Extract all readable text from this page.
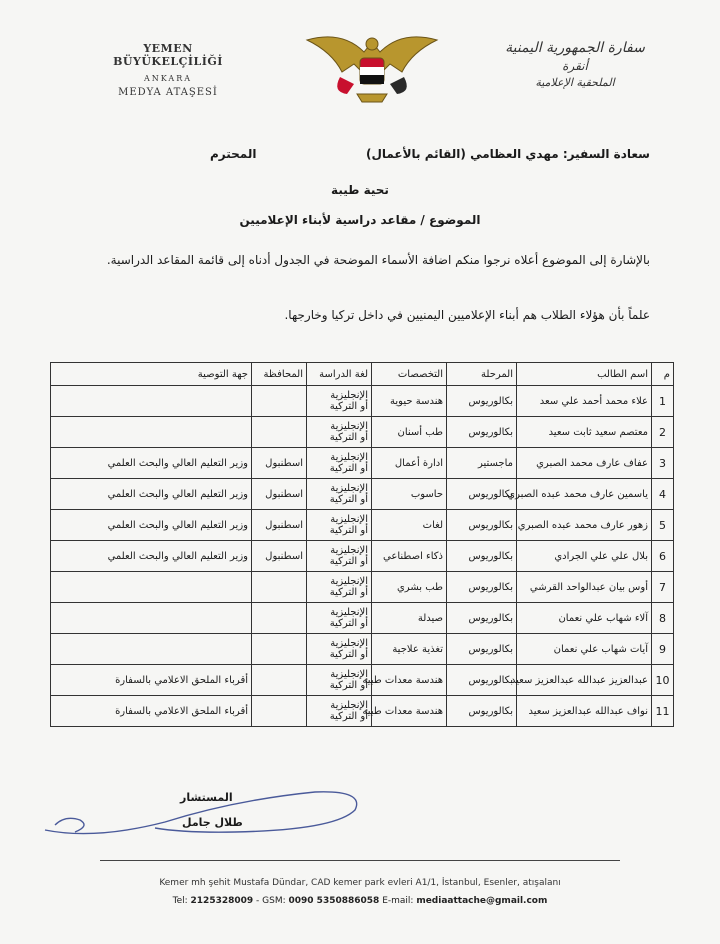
YEMEN BÜYÜKELÇİLİĞİ
ANKARA
MEDYA ATAŞESİ
سفارة الجمهورية اليمنية
أنقرة
الملحقية الإعلامية
سعادة السفير: مهدي العظامي (القائم بالأعمال)
المحترم
تحية طيبة
الموضوع / مقاعد دراسية لأبناء الإعلاميين
بالإشارة إلى الموضوع أعلاه نرجوا منكم اضافة الأسماء الموضحة في الجدول أدناه إلى قائمة المقاعد الدراسية.
علماً بأن هؤلاء الطلاب هم أبناء الإعلاميين اليمنيين في داخل تركيا وخارجها.
م	اسم الطالب	المرحلة	التخصصات	لغة الدراسة	المحافظة	جهة التوصية
1	علاء محمد أحمد علي سعد	بكالوريوس	هندسة حيوية	الإنجليزية
أو التركية		

2	معتصم سعيد ثابت سعيد	بكالوريوس	طب أسنان	الإنجليزية
أو التركية		

3	عفاف عارف محمد الصبري	ماجستير	ادارة أعمال	الإنجليزية
أو التركية	اسطنبول	وزير التعليم العالي والبحث العلمي
4	ياسمين عارف محمد عبده الصبري	بكالوريوس	حاسوب	الإنجليزية
أو التركية	اسطنبول	وزير التعليم العالي والبحث العلمي
5	زهور عارف محمد عبده الصبري	بكالوريوس	لغات	الإنجليزية
أو التركية	اسطنبول	وزير التعليم العالي والبحث العلمي
6	بلال علي علي الجرادي	بكالوريوس	ذكاء اصطناعي	الإنجليزية
أو التركية	اسطنبول	وزير التعليم العالي والبحث العلمي
7	أوس بيان عبدالواحد القرشي	بكالوريوس	طب بشري	الإنجليزية
أو التركية		

8	آلاء شهاب علي نعمان	بكالوريوس	صيدلة	الإنجليزية
أو التركية		

9	آيات شهاب علي نعمان	بكالوريوس	تغذية علاجية	الإنجليزية
أو التركية		

10	عبدالعزيز عبدالله عبدالعزيز سعيد	بكالوريوس	هندسة معدات طبيه	الإنجليزية
أو التركية		أقرباء الملحق الاعلامي بالسفارة
11	نواف عبدالله عبدالعزيز سعيد	بكالوريوس	هندسة معدات طبيه	الإنجليزية
أو التركية		أقرباء الملحق الاعلامي بالسفارة
المستشار
طلال جامل
Kemer mh şehit Mustafa Dündar, CAD kemer park evleri A1/1, İstanbul, Esenler, atışalanı
Tel: 2125328009 - GSM: 0090 5350886058 E-mail: mediaattache@gmail.com
